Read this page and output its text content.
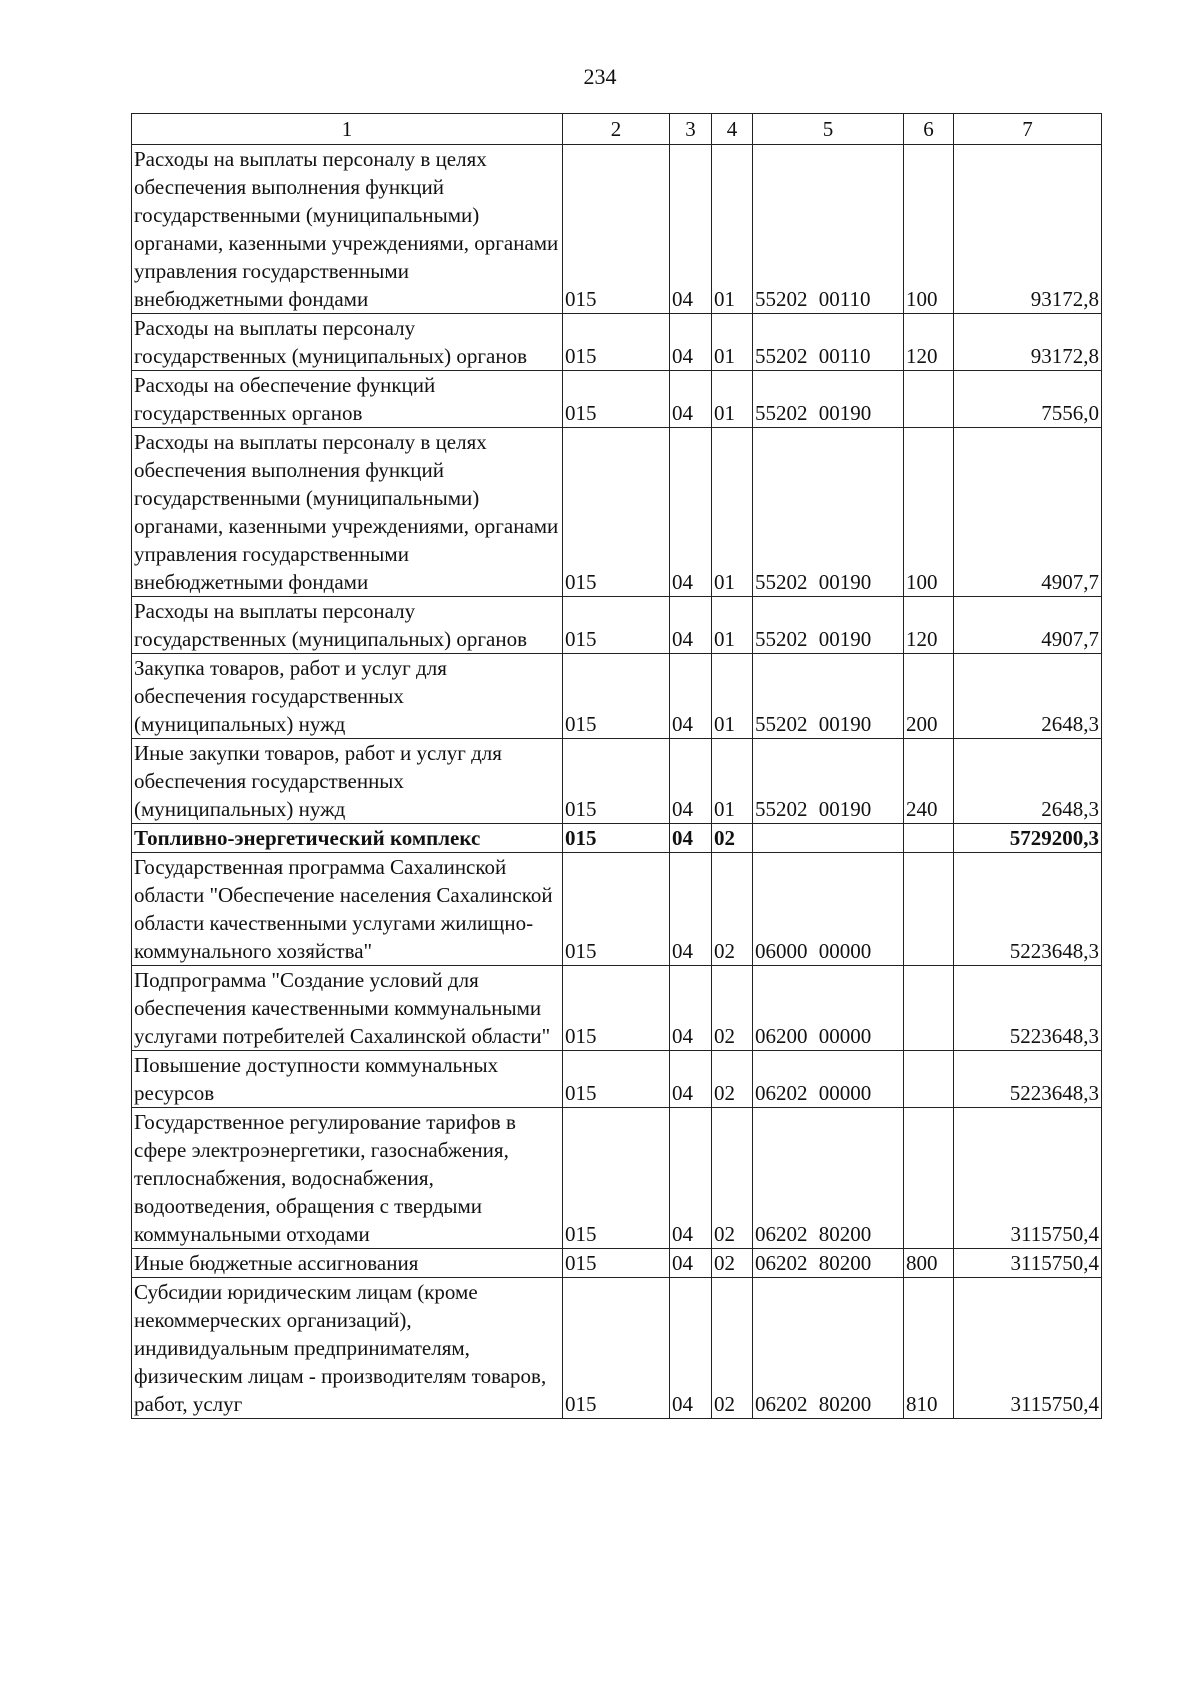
234
1	2	3	4	5	6	7
Расходы на выплаты персоналу в целях обеспечения выполнения функций государственными (муниципальными) органами, казенными учреждениями, органами управления государственными внебюджетными фондами	015	04	01	55202 00110	100	93172,8
Расходы на выплаты персоналу государственных (муниципальных) органов	015	04	01	55202 00110	120	93172,8
Расходы на обеспечение функций государственных органов	015	04	01	55202 00190		7556,0
Расходы на выплаты персоналу в целях обеспечения выполнения функций государственными (муниципальными) органами, казенными учреждениями, органами управления государственными внебюджетными фондами	015	04	01	55202 00190	100	4907,7
Расходы на выплаты персоналу государственных (муниципальных) органов	015	04	01	55202 00190	120	4907,7
Закупка товаров, работ и услуг для обеспечения государственных (муниципальных) нужд	015	04	01	55202 00190	200	2648,3
Иные закупки товаров, работ и услуг для обеспечения государственных (муниципальных) нужд	015	04	01	55202 00190	240	2648,3
Топливно-энергетический комплекс	015	04	02			5729200,3
Государственная программа Сахалинской области "Обеспечение населения Сахалинской области качественными услугами жилищно-коммунального хозяйства"	015	04	02	06000 00000		5223648,3
Подпрограмма "Создание условий для обеспечения качественными коммунальными услугами потребителей Сахалинской области"	015	04	02	06200 00000		5223648,3
Повышение доступности коммунальных ресурсов	015	04	02	06202 00000		5223648,3
Государственное регулирование тарифов в сфере электроэнергетики, газоснабжения, теплоснабжения, водоснабжения, водоотведения, обращения с твердыми коммунальными отходами	015	04	02	06202 80200		3115750,4
Иные бюджетные ассигнования	015	04	02	06202 80200	800	3115750,4
Субсидии юридическим лицам (кроме некоммерческих организаций), индивидуальным предпринимателям, физическим лицам - производителям товаров, работ, услуг	015	04	02	06202 80200	810	3115750,4
